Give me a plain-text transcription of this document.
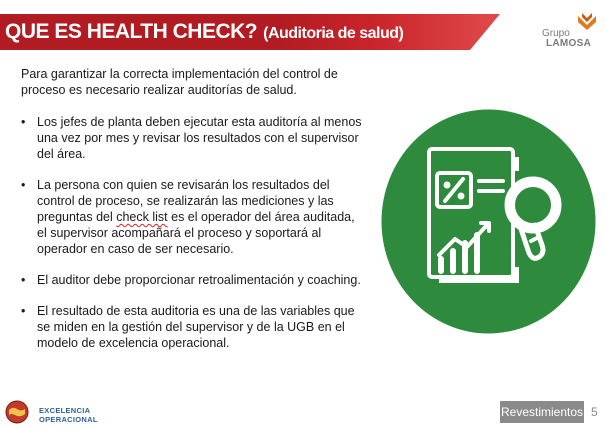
QUE ES HEALTH CHECK? (Auditoria de salud)	Grupo
LAMOSA

Para garantizar la correcta implementación del control de proceso es necesario realizar auditorías de salud.

• Los jefes de planta deben ejecutar esta auditoría al menos una vez por mes y revisar los resultados con el supervisor del área.
• La persona con quien se revisarán los resultados del control de proceso, se realizarán las mediciones y las preguntas del check list es el operador del área auditada, el supervisor acompañará el proceso y soportará al operador en caso de ser necesario.
• El auditor debe proporcionar retroalimentación y coaching.
• El resultado de esta auditoria es una de las variables que se miden en la gestión del supervisor y de la UGB en el modelo de excelencia operacional.
EXCELENCIA
OPERACIONAL
Revestimientos 5
